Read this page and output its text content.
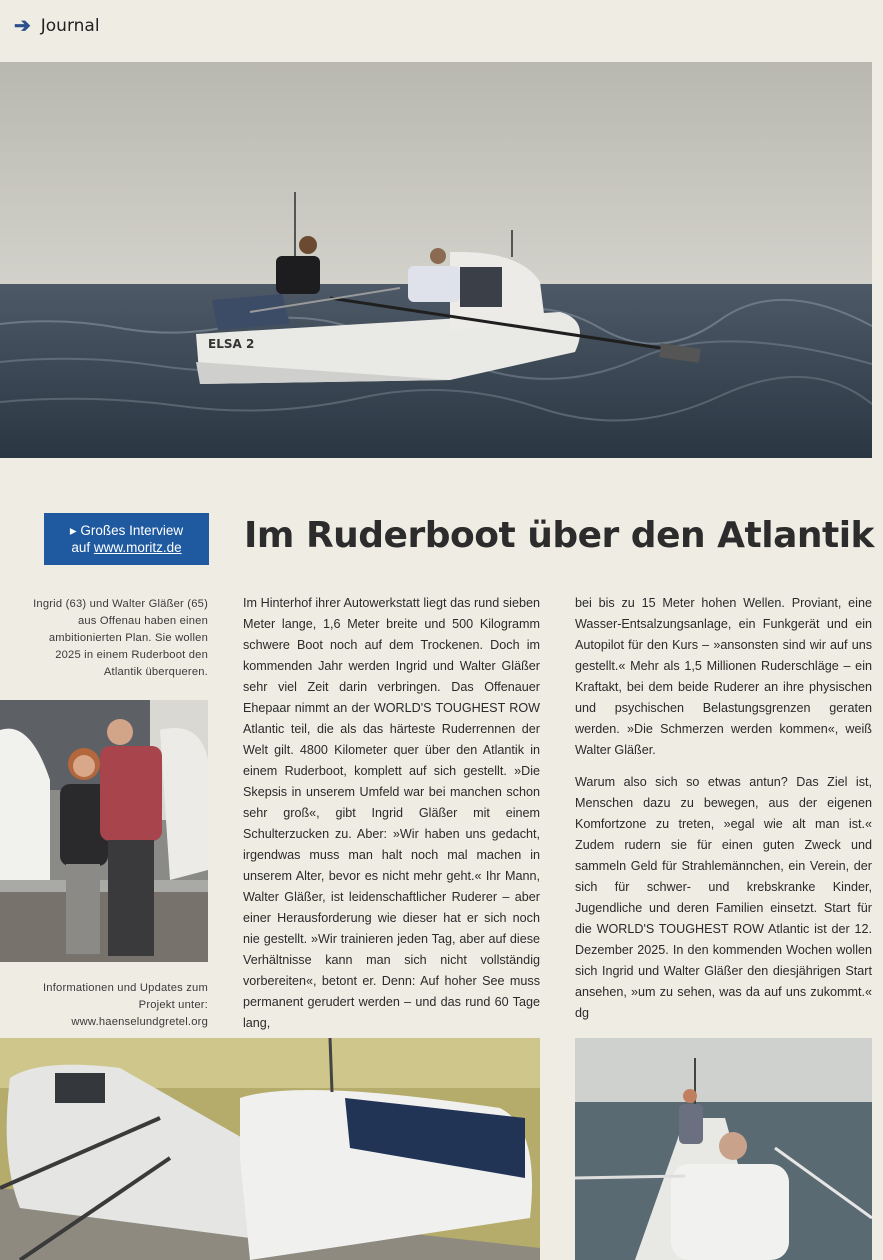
➔ Journal
ELSA 2
▸ Großes Interview
auf www.moritz.de	Im Ruderboot über den Atlantik
Ingrid (63) und Walter Gläßer (65) aus Offenau haben einen ambitionierten Plan. Sie wollen 2025 in einem Ruderboot den Atlantik überqueren.
Informationen und Updates zum Projekt unter: www.haenselundgretel.org

Im Hinterhof ihrer Autowerkstatt liegt das rund sieben Meter lange, 1,6 Meter breite und 500 Kilogramm schwere Boot noch auf dem Trockenen. Doch im kommenden Jahr werden Ingrid und Walter Gläßer sehr viel Zeit darin verbringen. Das Offenauer Ehepaar nimmt an der WORLD'S TOUGHEST ROW Atlantic teil, die als das härteste Ruderrennen der Welt gilt. 4800 Kilometer quer über den Atlantik in einem Ruderboot, komplett auf sich gestellt. »Die Skepsis in unserem Umfeld war bei manchen schon sehr groß«, gibt Ingrid Gläßer mit einem Schulterzucken zu. Aber: »Wir haben uns gedacht, irgendwas muss man halt noch mal machen in unserem Alter, bevor es nicht mehr geht.« Ihr Mann, Walter Gläßer, ist leidenschaftlicher Ruderer – aber einer Herausforderung wie dieser hat er sich noch nie gestellt. »Wir trainieren jeden Tag, aber auf diese Verhältnisse kann man sich nicht vollständig vorbereiten«, betont er. Denn: Auf hoher See muss permanent gerudert werden – und das rund 60 Tage lang,

bei bis zu 15 Meter hohen Wellen. Proviant, eine Wasser-Entsalzungsanlage, ein Funkgerät und ein Autopilot für den Kurs – »ansonsten sind wir auf uns gestellt.« Mehr als 1,5 Millionen Ruderschläge – ein Kraftakt, bei dem beide Ruderer an ihre physischen und psychischen Belastungsgrenzen geraten werden. »Die Schmerzen werden kommen«, weiß Walter Gläßer.

Warum also sich so etwas antun? Das Ziel ist, Menschen dazu zu bewegen, aus der eigenen Komfortzone zu treten, »egal wie alt man ist.« Zudem rudern sie für einen guten Zweck und sammeln Geld für Strahlemännchen, ein Verein, der sich für schwer- und krebskranke Kinder, Jugendliche und deren Familien einsetzt. Start für die WORLD'S TOUGHEST ROW Atlantic ist der 12. Dezember 2025. In den kommenden Wochen wollen sich Ingrid und Walter Gläßer den diesjährigen Start ansehen, »um zu sehen, was da auf uns zukommt.« dg
